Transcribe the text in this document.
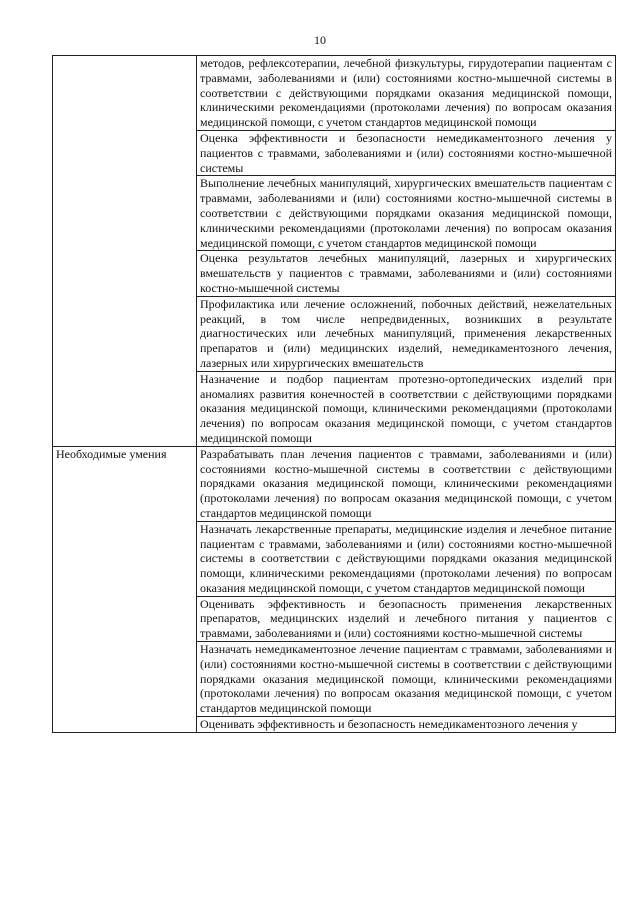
10
	методов, рефлексотерапии, лечебной физкультуры, гирудотерапии пациентам с травмами, заболеваниями и (или) состояниями костно-мышечной системы в соответствии с действующими порядками оказания медицинской помощи, клиническими рекомендациями (протоколами лечения) по вопросам оказания медицинской помощи, с учетом стандартов медицинской помощи
	Оценка эффективности и безопасности немедикаментозного лечения у пациентов с травмами, заболеваниями и (или) состояниями костно-мышечной системы
	Выполнение лечебных манипуляций, хирургических вмешательств пациентам с травмами, заболеваниями и (или) состояниями костно-мышечной системы в соответствии с действующими порядками оказания медицинской помощи, клиническими рекомендациями (протоколами лечения) по вопросам оказания медицинской помощи, с учетом стандартов медицинской помощи
	Оценка результатов лечебных манипуляций, лазерных и хирургических вмешательств у пациентов с травмами, заболеваниями и (или) состояниями костно-мышечной системы
	Профилактика или лечение осложнений, побочных действий, нежелательных реакций, в том числе непредвиденных, возникших в результате диагностических или лечебных манипуляций, применения лекарственных препаратов и (или) медицинских изделий, немедикаментозного лечения, лазерных или хирургических вмешательств
	Назначение и подбор пациентам протезно-ортопедических изделий при аномалиях развития конечностей в соответствии с действующими порядками оказания медицинской помощи, клиническими рекомендациями (протоколами лечения) по вопросам оказания медицинской помощи, с учетом стандартов медицинской помощи
Необходимые умения	Разрабатывать план лечения пациентов с травмами, заболеваниями и (или) состояниями костно-мышечной системы в соответствии с действующими порядками оказания медицинской помощи, клиническими рекомендациями (протоколами лечения) по вопросам оказания медицинской помощи, с учетом стандартов медицинской помощи
	Назначать лекарственные препараты, медицинские изделия и лечебное питание пациентам с травмами, заболеваниями и (или) состояниями костно-мышечной системы в соответствии с действующими порядками оказания медицинской помощи, клиническими рекомендациями (протоколами лечения) по вопросам оказания медицинской помощи, с учетом стандартов медицинской помощи
	Оценивать эффективность и безопасность применения лекарственных препаратов, медицинских изделий и лечебного питания у пациентов с травмами, заболеваниями и (или) состояниями костно-мышечной системы
	Назначать немедикаментозное лечение пациентам с травмами, заболеваниями и (или) состояниями костно-мышечной системы в соответствии с действующими порядками оказания медицинской помощи, клиническими рекомендациями (протоколами лечения) по вопросам оказания медицинской помощи, с учетом стандартов медицинской помощи
	Оценивать эффективность и безопасность немедикаментозного лечения у
